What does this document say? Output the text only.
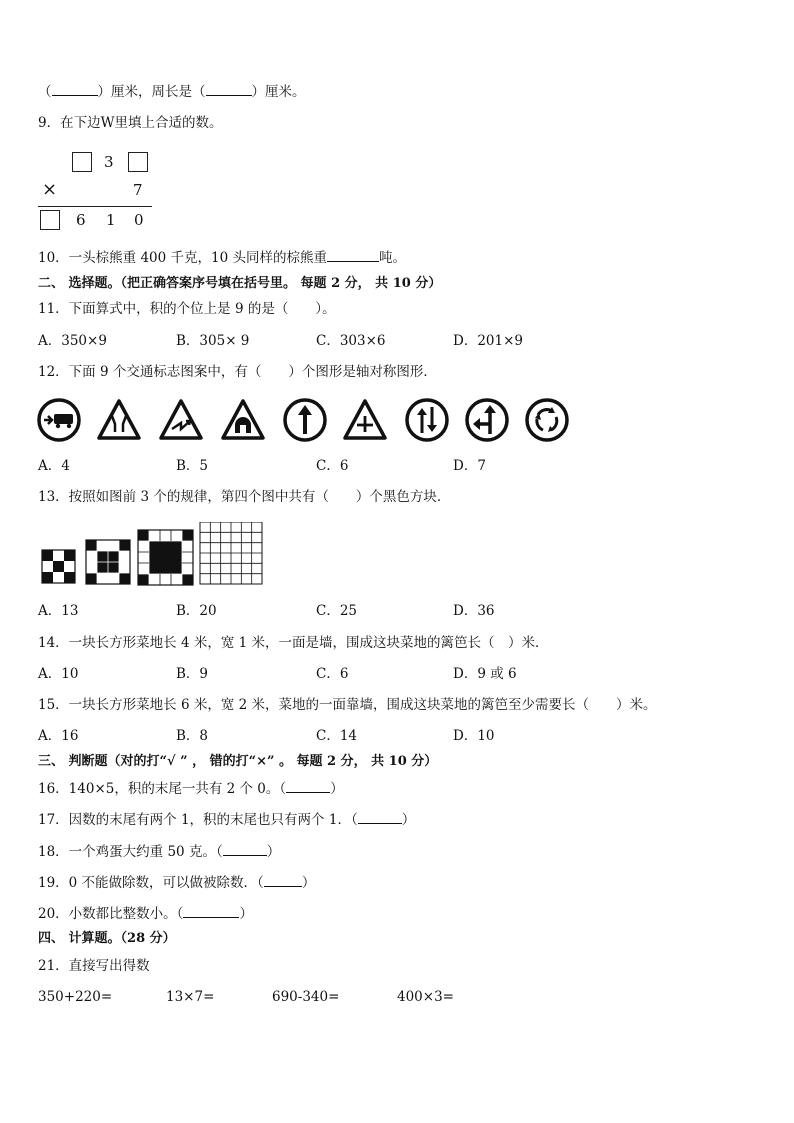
（	）厘米，周长是（	）厘米。
9．在下边W里填上合适的数。
3
×	7
6 1 0
10．一头棕熊重 400 千克，10 头同样的棕熊重	吨。
二、 选择题。（把正确答案序号填在括号里。 每题 2 分， 共 10 分）
11．下面算式中，积的个位上是 9 的是（　　）。
A．350×9	B．305× 9	C．303×6	D．201×9
12．下面 9 个交通标志图案中，有（　　）个图形是轴对称图形．
A．4	B．5	C．6	D．7
13．按照如图前 3 个的规律，第四个图中共有（　　）个黑色方块．
A．13	B．20	C．25	D．36
14．一块长方形菜地长 4 米，宽 1 米，一面是墙，围成这块菜地的篱笆长（　）米．
A．10	B．9	C．6	D．9 或 6
15．一块长方形菜地长 6 米，宽 2 米，菜地的一面靠墙，围成这块菜地的篱笆至少需要长（　　）米。
A．16	B．8	C．14	D．10
三、 判断题（对的打“√ ” ， 错的打“×” 。 每题 2 分， 共 10 分）
16．140×5，积的末尾一共有 2 个 0。（	）
17．因数的末尾有两个 1，积的末尾也只有两个 1．（	）
18．一个鸡蛋大约重 50 克。（	）
19．0 不能做除数，可以做被除数．（	）
20．小数都比整数小。（	）
四、 计算题。（28 分）
21．直接写出得数
350+220=	13×7=	690-340=	400×3=
